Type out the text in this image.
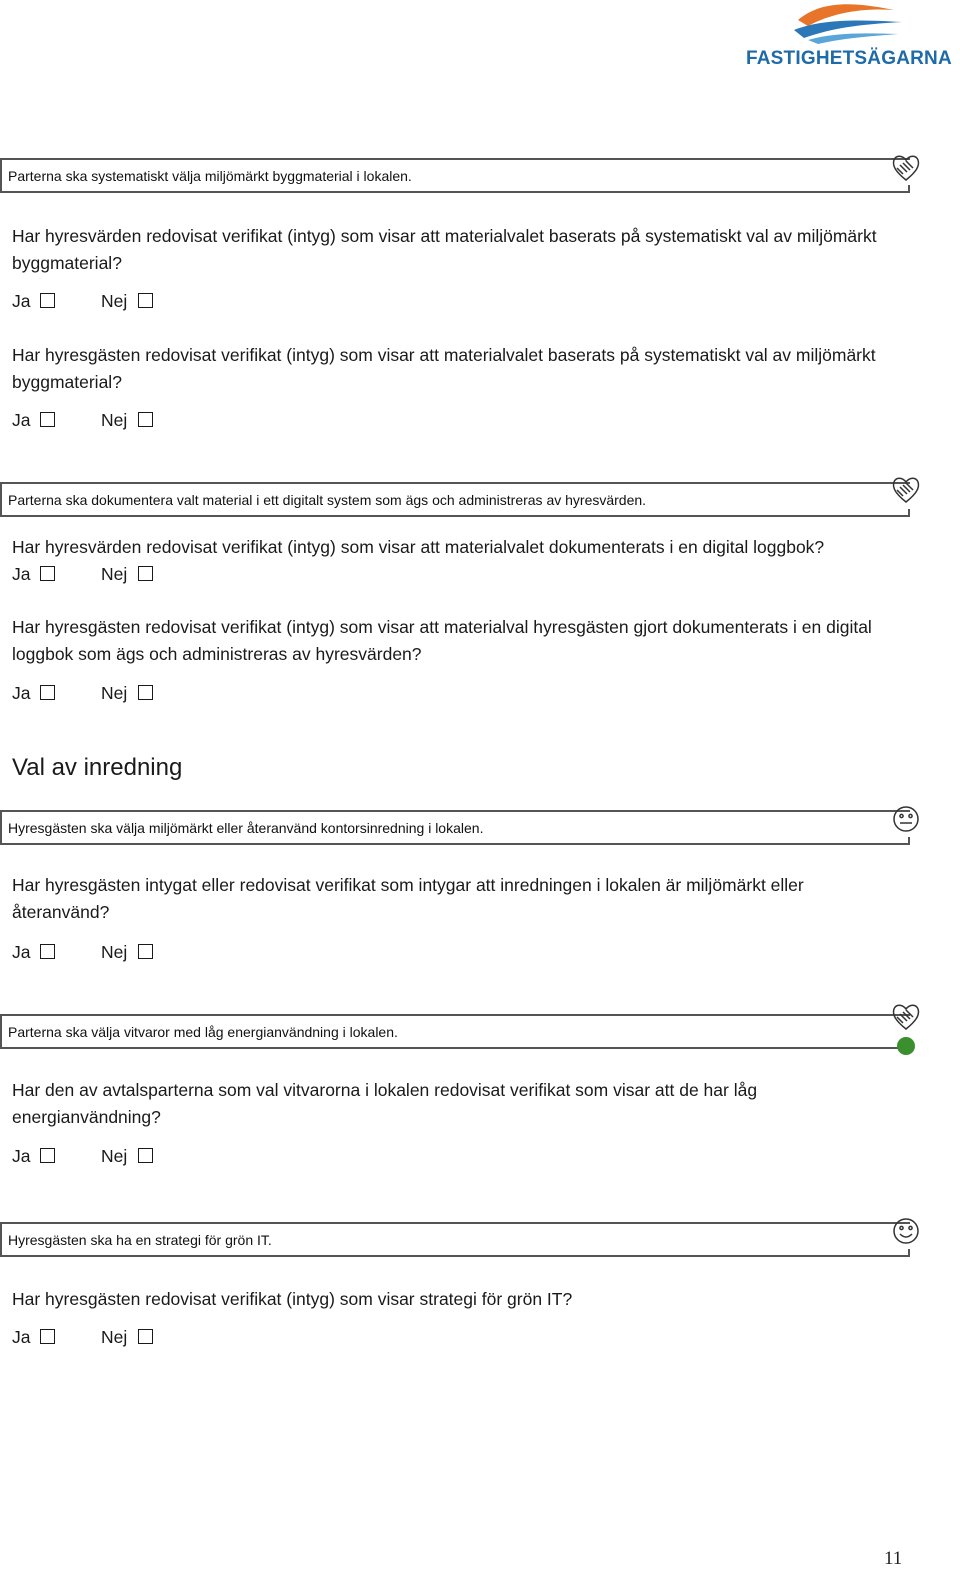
FASTIGHETSÄGARNA
Parterna ska systematiskt välja miljömärkt byggmaterial i lokalen.
Har hyresvärden redovisat verifikat (intyg) som visar att materialvalet baserats på systematiskt val av miljömärkt byggmaterial?
Ja	Nej
Har hyresgästen redovisat verifikat (intyg) som visar att materialvalet baserats på systematiskt val av miljömärkt byggmaterial?
Ja	Nej
Parterna ska dokumentera valt material i ett digitalt system som ägs och administreras av hyresvärden.
Har hyresvärden redovisat verifikat (intyg) som visar att materialvalet dokumenterats i en digital loggbok?
Ja	Nej
Har hyresgästen redovisat verifikat (intyg) som visar att materialval hyresgästen gjort dokumenterats i en digital loggbok som ägs och administreras av hyresvärden?
Ja	Nej
Val av inredning
Hyresgästen ska välja miljömärkt eller återanvänd kontorsinredning i lokalen.
Har hyresgästen intygat eller redovisat verifikat som intygar att inredningen i lokalen är miljömärkt eller återanvänd?
Ja	Nej
Parterna ska välja vitvaror med låg energianvändning i lokalen.
Har den av avtalsparterna som val vitvarorna i lokalen redovisat verifikat som visar att de har låg energianvändning?
Ja	Nej
Hyresgästen ska ha en strategi för grön IT.
Har hyresgästen redovisat verifikat (intyg) som visar strategi för grön IT?
Ja	Nej
11
